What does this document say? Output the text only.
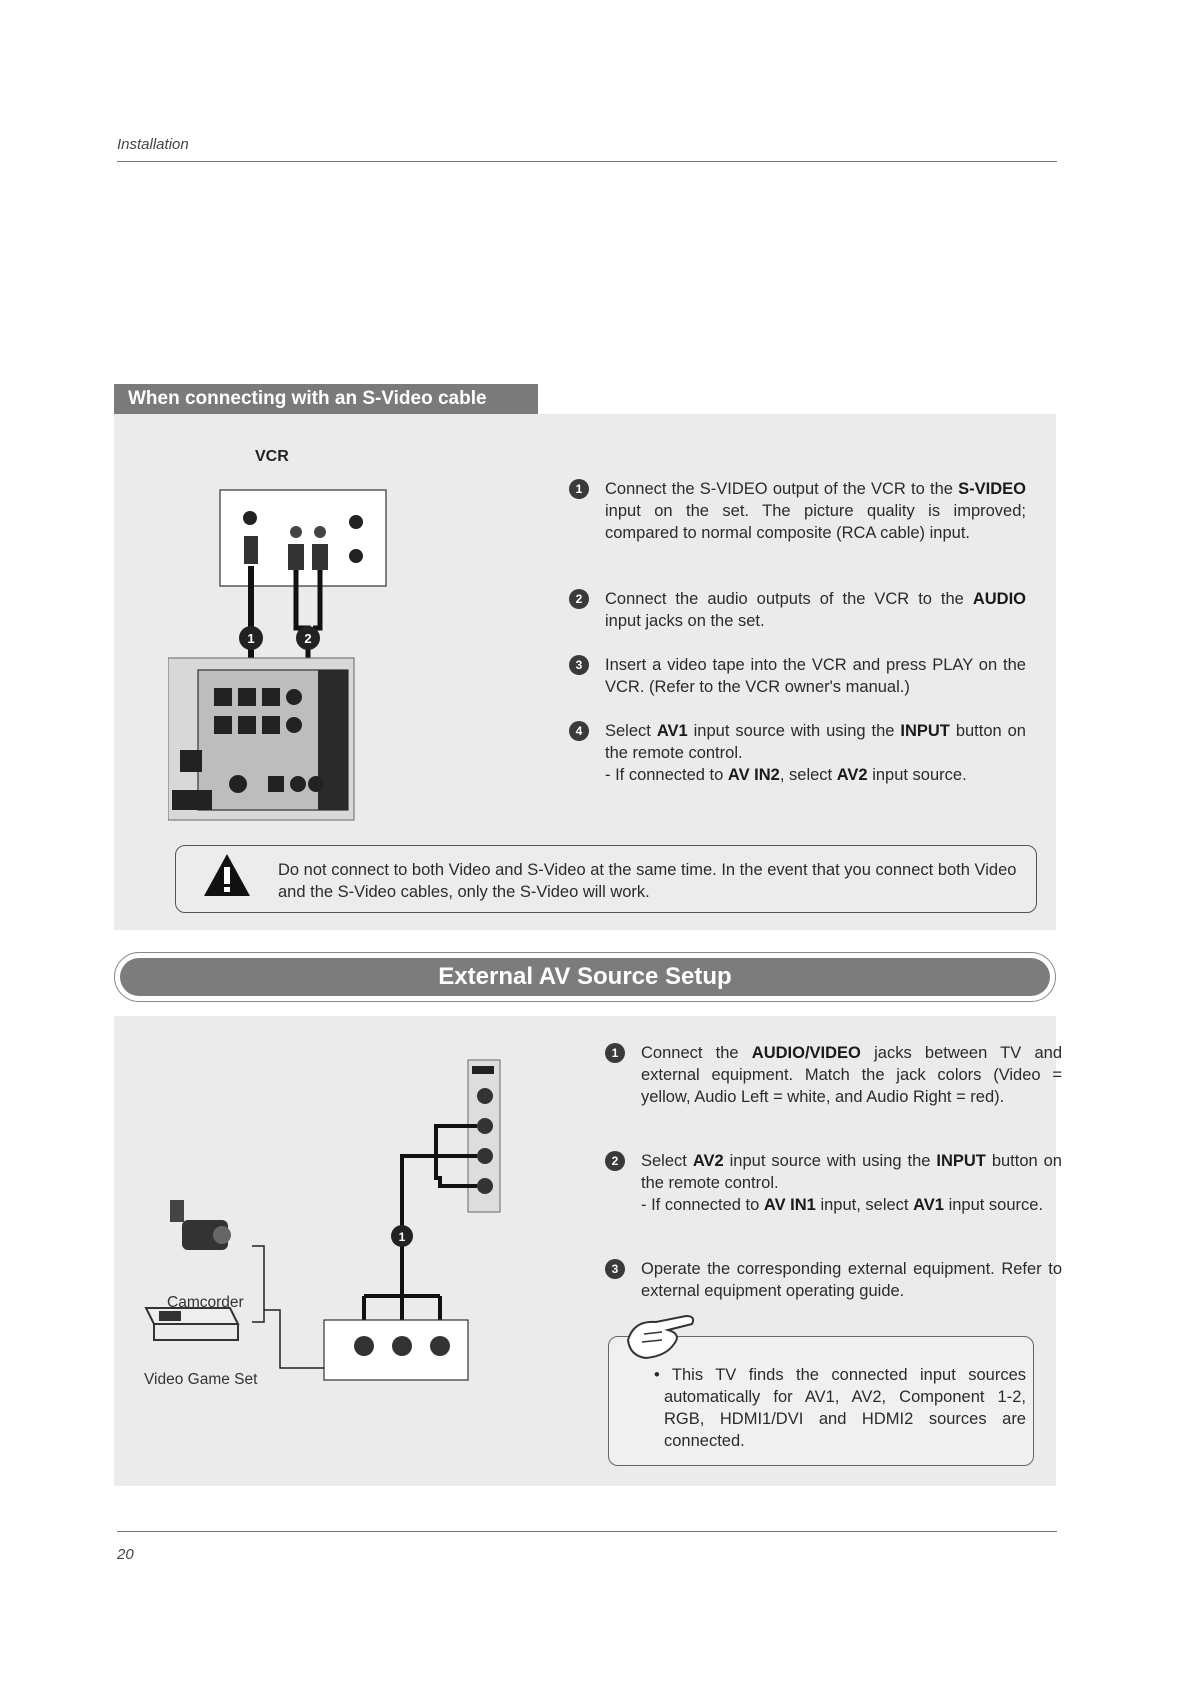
Installation
20
When connecting with an S-Video cable
VCR
1	2
1	Connect the S-VIDEO output of the VCR to the S-VIDEO input on the set. The picture quality is improved; compared to normal composite (RCA cable) input.
2	Connect the audio outputs of the VCR to the AUDIO input jacks on the set.
3	Insert a video tape into the VCR and press PLAY on the VCR. (Refer to the VCR owner's manual.)
4	Select AV1 input source with using the INPUT button on the remote control.
- If connected to AV IN2, select AV2 input source.
Do not connect to both Video and S-Video at the same time. In the event that you connect both Video and the S-Video cables, only the S-Video will work.
External AV Source Setup
1
Camcorder
Video Game Set
1	Connect the AUDIO/VIDEO jacks between TV and external equipment. Match the jack colors (Video = yellow, Audio Left = white, and Audio Right = red).
2	Select AV2 input source with using the INPUT button on the remote control.
- If connected to AV IN1 input, select AV1 input source.
3	Operate the corresponding external equipment. Refer to external equipment operating guide.
• This TV finds the connected input sources automatically for AV1, AV2, Component 1-2, RGB, HDMI1/DVI and HDMI2 sources are connected.
